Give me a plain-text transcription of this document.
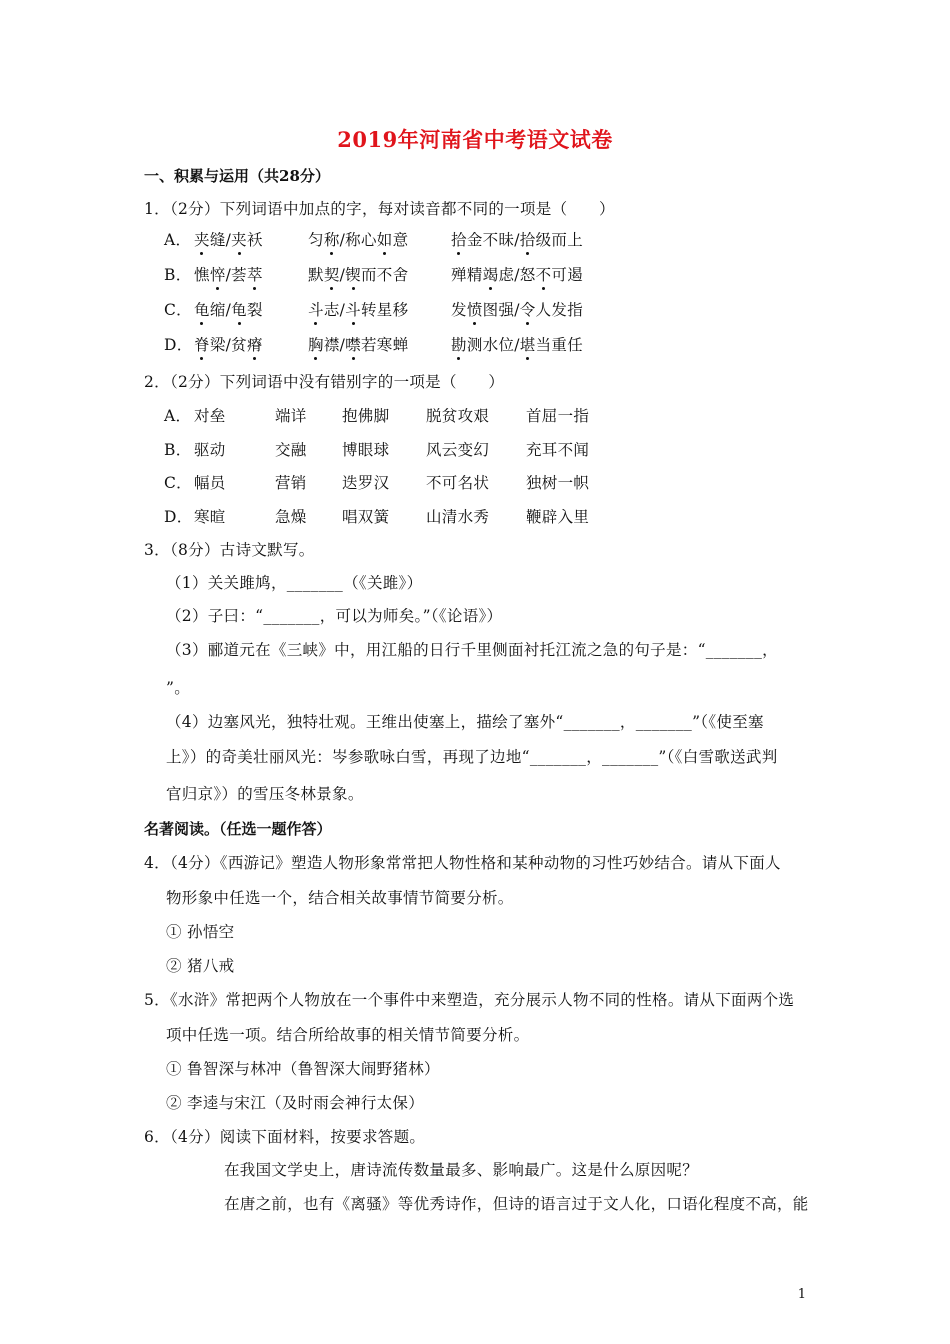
2019年河南省中考语文试卷
一、积累与运用（共28分）
1．（2分）下列词语中加点的字，每对读音都不同的一项是（　　）
A． 夹缝/夹袄	匀称/称心如意	拾金不昧/拾级而上
B． 憔悴/荟萃	默契/锲而不舍	殚精竭虑/怒不可遏
C． 龟缩/龟裂	斗志/斗转星移	发愤图强/令人发指
D． 脊梁/贫瘠	胸襟/噤若寒蝉	勘测水位/堪当重任
2．（2分）下列词语中没有错别字的一项是（　　）
A． 对垒	端详 抱佛脚 脱贫攻艰 首屈一指
B． 驱动	交融 博眼球 风云变幻 充耳不闻
C． 幅员	营销 迭罗汉 不可名状 独树一帜
D． 寒暄	急燥 唱双簧 山清水秀 鞭辟入里
3．（8分）古诗文默写。
（1）关关雎鸠，_______（《关雎》）
（2）子曰：“_______，可以为师矣。”（《论语》）
（3）郦道元在《三峡》中，用江船的日行千里侧面衬托江流之急的句子是：“_______，
”。
（4）边塞风光，独特壮观。王维出使塞上，描绘了塞外“_______，_______”（《使至塞
上》）的奇美壮丽风光：岑参歌咏白雪，再现了边地“_______，_______”（《白雪歌送武判
官归京》）的雪压冬林景象。
名著阅读。（任选一题作答）
4．（4分）《西游记》塑造人物形象常常把人物性格和某种动物的习性巧妙结合。请从下面人
物形象中任选一个，结合相关故事情节简要分析。
① 孙悟空
② 猪八戒
5．《水浒》常把两个人物放在一个事件中来塑造，充分展示人物不同的性格。请从下面两个选
项中任选一项。结合所给故事的相关情节简要分析。
① 鲁智深与林冲（鲁智深大闹野猪林）
② 李逵与宋江（及时雨会神行太保）
6．（4分）阅读下面材料，按要求答题。
在我国文学史上，唐诗流传数量最多、影响最广。这是什么原因呢？
在唐之前，也有《离骚》等优秀诗作，但诗的语言过于文人化，口语化程度不高，能
1
